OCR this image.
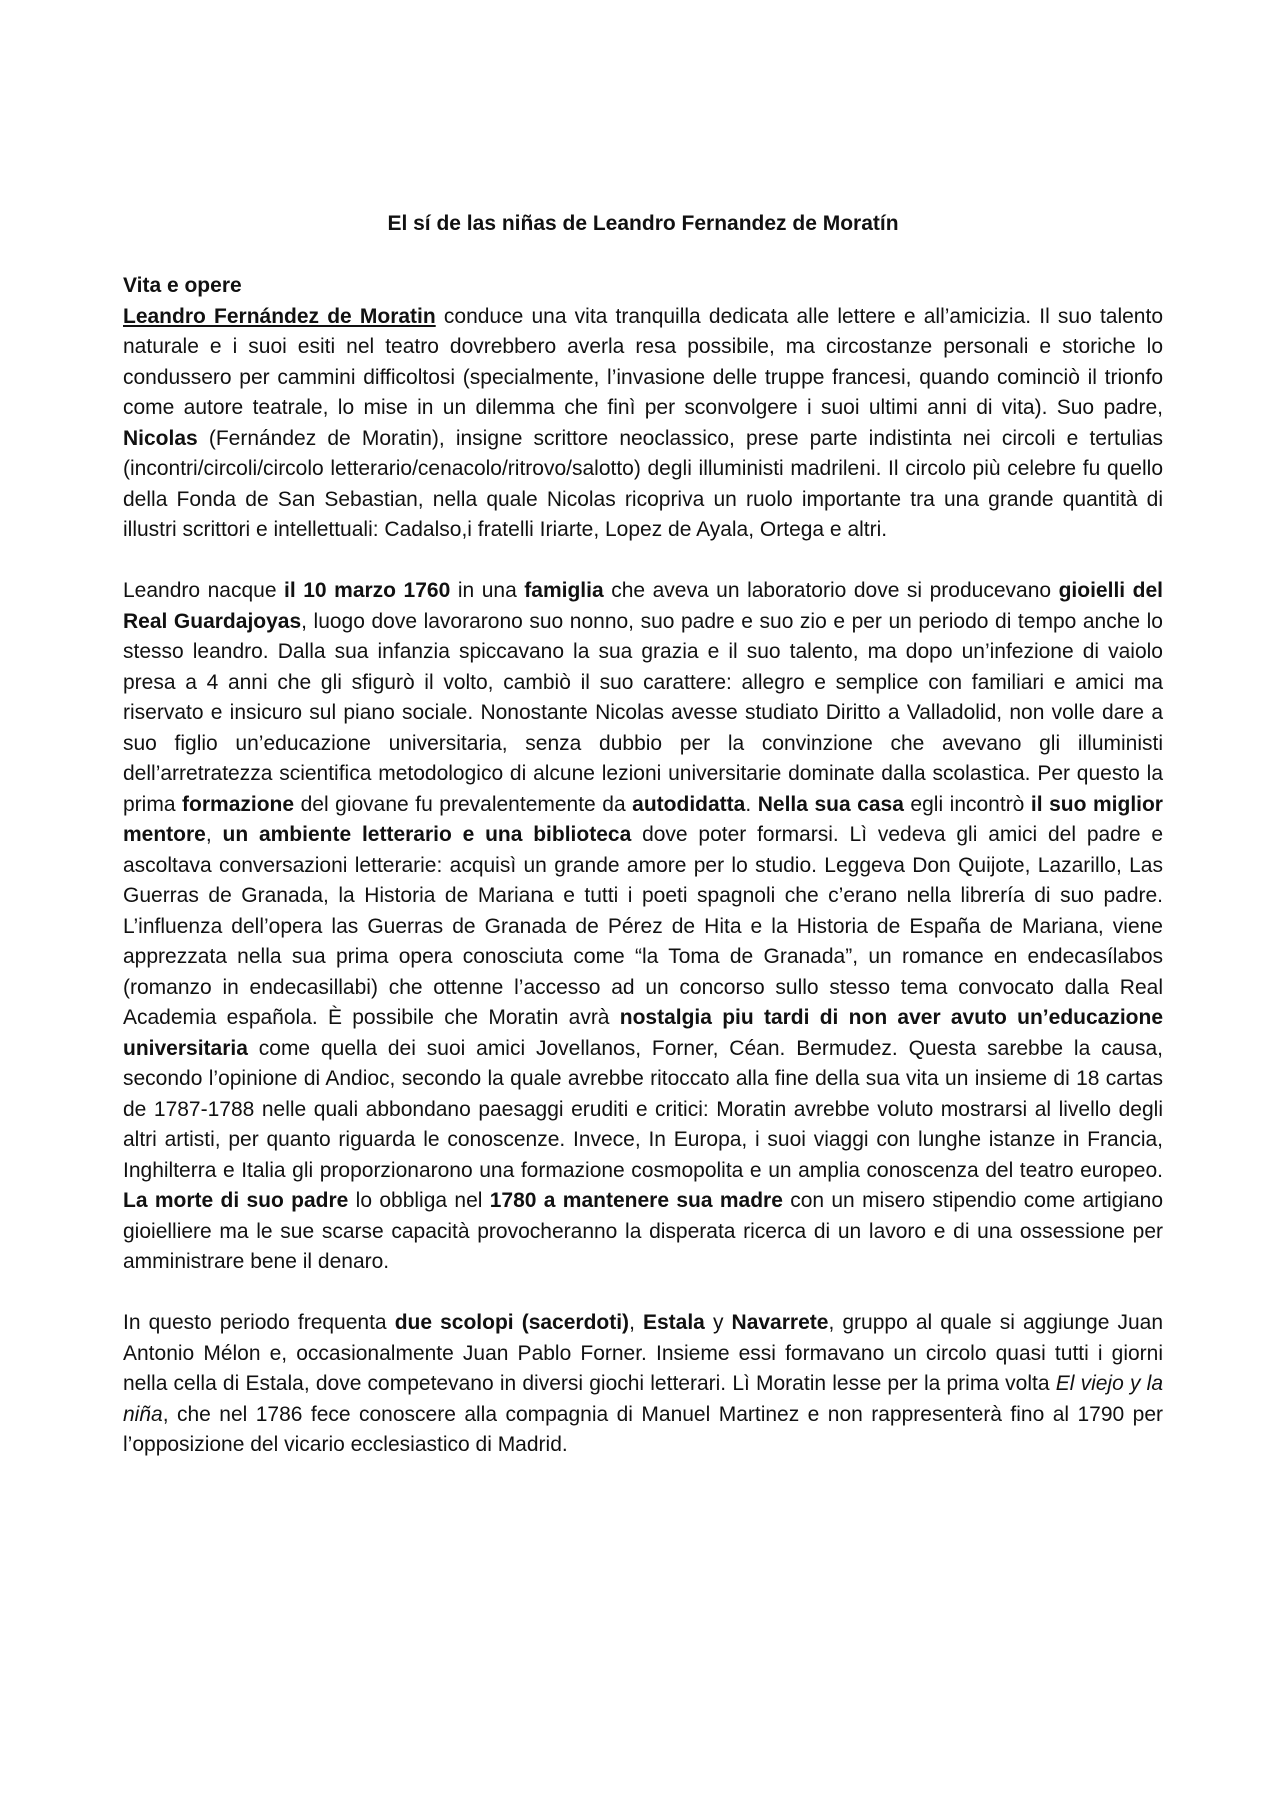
El sí de las niñas de Leandro Fernandez de Moratín
Vita e opere

Leandro Fernández de Moratin conduce una vita tranquilla dedicata alle lettere e all’amicizia. Il suo talento naturale e i suoi esiti nel teatro dovrebbero averla resa possibile, ma circostanze personali e storiche lo condussero per cammini difficoltosi (specialmente, l’invasione delle truppe francesi, quando cominciò il trionfo come autore teatrale, lo mise in un dilemma che finì per sconvolgere i suoi ultimi anni di vita). Suo padre, Nicolas (Fernández de Moratin), insigne scrittore neoclassico, prese parte indistinta nei circoli e tertulias (incontri/circoli/circolo letterario/cenacolo/ritrovo/salotto) degli illuministi madrileni. Il circolo più celebre fu quello della Fonda de San Sebastian, nella quale Nicolas ricopriva un ruolo importante tra una grande quantità di illustri scrittori e intellettuali: Cadalso,i fratelli Iriarte, Lopez de Ayala, Ortega e altri.

Leandro nacque il 10 marzo 1760 in una famiglia che aveva un laboratorio dove si producevano gioielli del Real Guardajoyas, luogo dove lavorarono suo nonno, suo padre e suo zio e per un periodo di tempo anche lo stesso leandro. Dalla sua infanzia spiccavano la sua grazia e il suo talento, ma dopo un’infezione di vaiolo presa a 4 anni che gli sfigurò il volto, cambiò il suo carattere: allegro e semplice con familiari e amici ma riservato e insicuro sul piano sociale. Nonostante Nicolas avesse studiato Diritto a Valladolid, non volle dare a suo figlio un’educazione universitaria, senza dubbio per la convinzione che avevano gli illuministi dell’arretratezza scientifica metodologico di alcune lezioni universitarie dominate dalla scolastica. Per questo la prima formazione del giovane fu prevalentemente da autodidatta. Nella sua casa egli incontrò il suo miglior mentore, un ambiente letterario e una biblioteca dove poter formarsi. Lì vedeva gli amici del padre e ascoltava conversazioni letterarie: acquisì un grande amore per lo studio. Leggeva Don Quijote, Lazarillo, Las Guerras de Granada, la Historia de Mariana e tutti i poeti spagnoli che c’erano nella librería di suo padre. L’influenza dell’opera las Guerras de Granada de Pérez de Hita e la Historia de España de Mariana, viene apprezzata nella sua prima opera conosciuta come “la Toma de Granada”, un romance en endecasílabos (romanzo in endecasillabi) che ottenne l’accesso ad un concorso sullo stesso tema convocato dalla Real Academia española. È possibile che Moratin avrà nostalgia piu tardi di non aver avuto un’educazione universitaria come quella dei suoi amici Jovellanos, Forner, Céan. Bermudez. Questa sarebbe la causa, secondo l’opinione di Andioc, secondo la quale avrebbe ritoccato alla fine della sua vita un insieme di 18 cartas de 1787-1788 nelle quali abbondano paesaggi eruditi e critici: Moratin avrebbe voluto mostrarsi al livello degli altri artisti, per quanto riguarda le conoscenze. Invece, In Europa, i suoi viaggi con lunghe istanze in Francia, Inghilterra e Italia gli proporzionarono una formazione cosmopolita e un amplia conoscenza del teatro europeo. La morte di suo padre lo obbliga nel 1780 a mantenere sua madre con un misero stipendio come artigiano gioielliere ma le sue scarse capacità provocheranno la disperata ricerca di un lavoro e di una ossessione per amministrare bene il denaro.

In questo periodo frequenta due scolopi (sacerdoti), Estala y Navarrete, gruppo al quale si aggiunge Juan Antonio Mélon e, occasionalmente Juan Pablo Forner. Insieme essi formavano un circolo quasi tutti i giorni nella cella di Estala, dove competevano in diversi giochi letterari. Lì Moratin lesse per la prima volta El viejo y la niña, che nel 1786 fece conoscere alla compagnia di Manuel Martinez e non rappresenterà fino al 1790 per l’opposizione del vicario ecclesiastico di Madrid.
